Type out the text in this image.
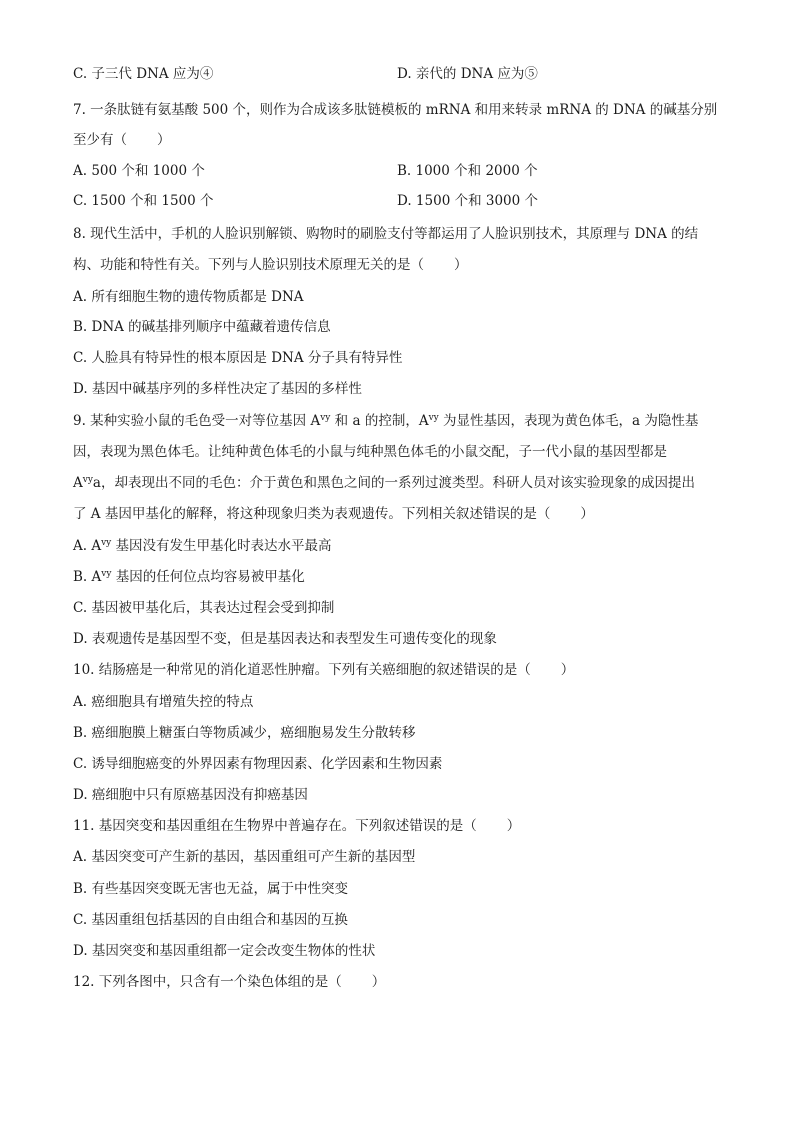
C. 子三代 DNA 应为④	D. 亲代的 DNA 应为⑤
7. 一条肽链有氨基酸 500 个，则作为合成该多肽链模板的 mRNA 和用来转录 mRNA 的 DNA 的碱基分别
至少有（ ）
A. 500 个和 1000 个	B. 1000 个和 2000 个
C. 1500 个和 1500 个	D. 1500 个和 3000 个
8. 现代生活中，手机的人脸识别解锁、购物时的刷脸支付等都运用了人脸识别技术，其原理与 DNA 的结
构、功能和特性有关。下列与人脸识别技术原理无关的是（ ）
A. 所有细胞生物的遗传物质都是 DNA
B. DNA 的碱基排列顺序中蕴藏着遗传信息
C. 人脸具有特异性的根本原因是 DNA 分子具有特异性
D. 基因中碱基序列的多样性决定了基因的多样性
9. 某种实验小鼠的毛色受一对等位基因 $A^{vy}$ 和 a 的控制，$A^{vy}$ 为显性基因，表现为黄色体毛，a 为隐性基
因，表现为黑色体毛。让纯种黄色体毛的小鼠与纯种黑色体毛的小鼠交配，子一代小鼠的基因型都是
$A^{vy}a$，却表现出不同的毛色：介于黄色和黑色之间的一系列过渡类型。科研人员对该实验现象的成因提出
了 A 基因甲基化的解释，将这种现象归类为表观遗传。下列相关叙述错误的是（ ）
A. $A^{vy}$ 基因没有发生甲基化时表达水平最高
B. $A^{vy}$ 基因的任何位点均容易被甲基化
C. 基因被甲基化后，其表达过程会受到抑制
D. 表观遗传是基因型不变，但是基因表达和表型发生可遗传变化的现象
10. 结肠癌是一种常见的消化道恶性肿瘤。下列有关癌细胞的叙述错误的是（ ）
A. 癌细胞具有增殖失控的特点
B. 癌细胞膜上糖蛋白等物质减少，癌细胞易发生分散转移
C. 诱导细胞癌变的外界因素有物理因素、化学因素和生物因素
D. 癌细胞中只有原癌基因没有抑癌基因
11. 基因突变和基因重组在生物界中普遍存在。下列叙述错误的是（ ）
A. 基因突变可产生新的基因，基因重组可产生新的基因型
B. 有些基因突变既无害也无益，属于中性突变
C. 基因重组包括基因的自由组合和基因的互换
D. 基因突变和基因重组都一定会改变生物体的性状
12. 下列各图中，只含有一个染色体组的是（ ）
